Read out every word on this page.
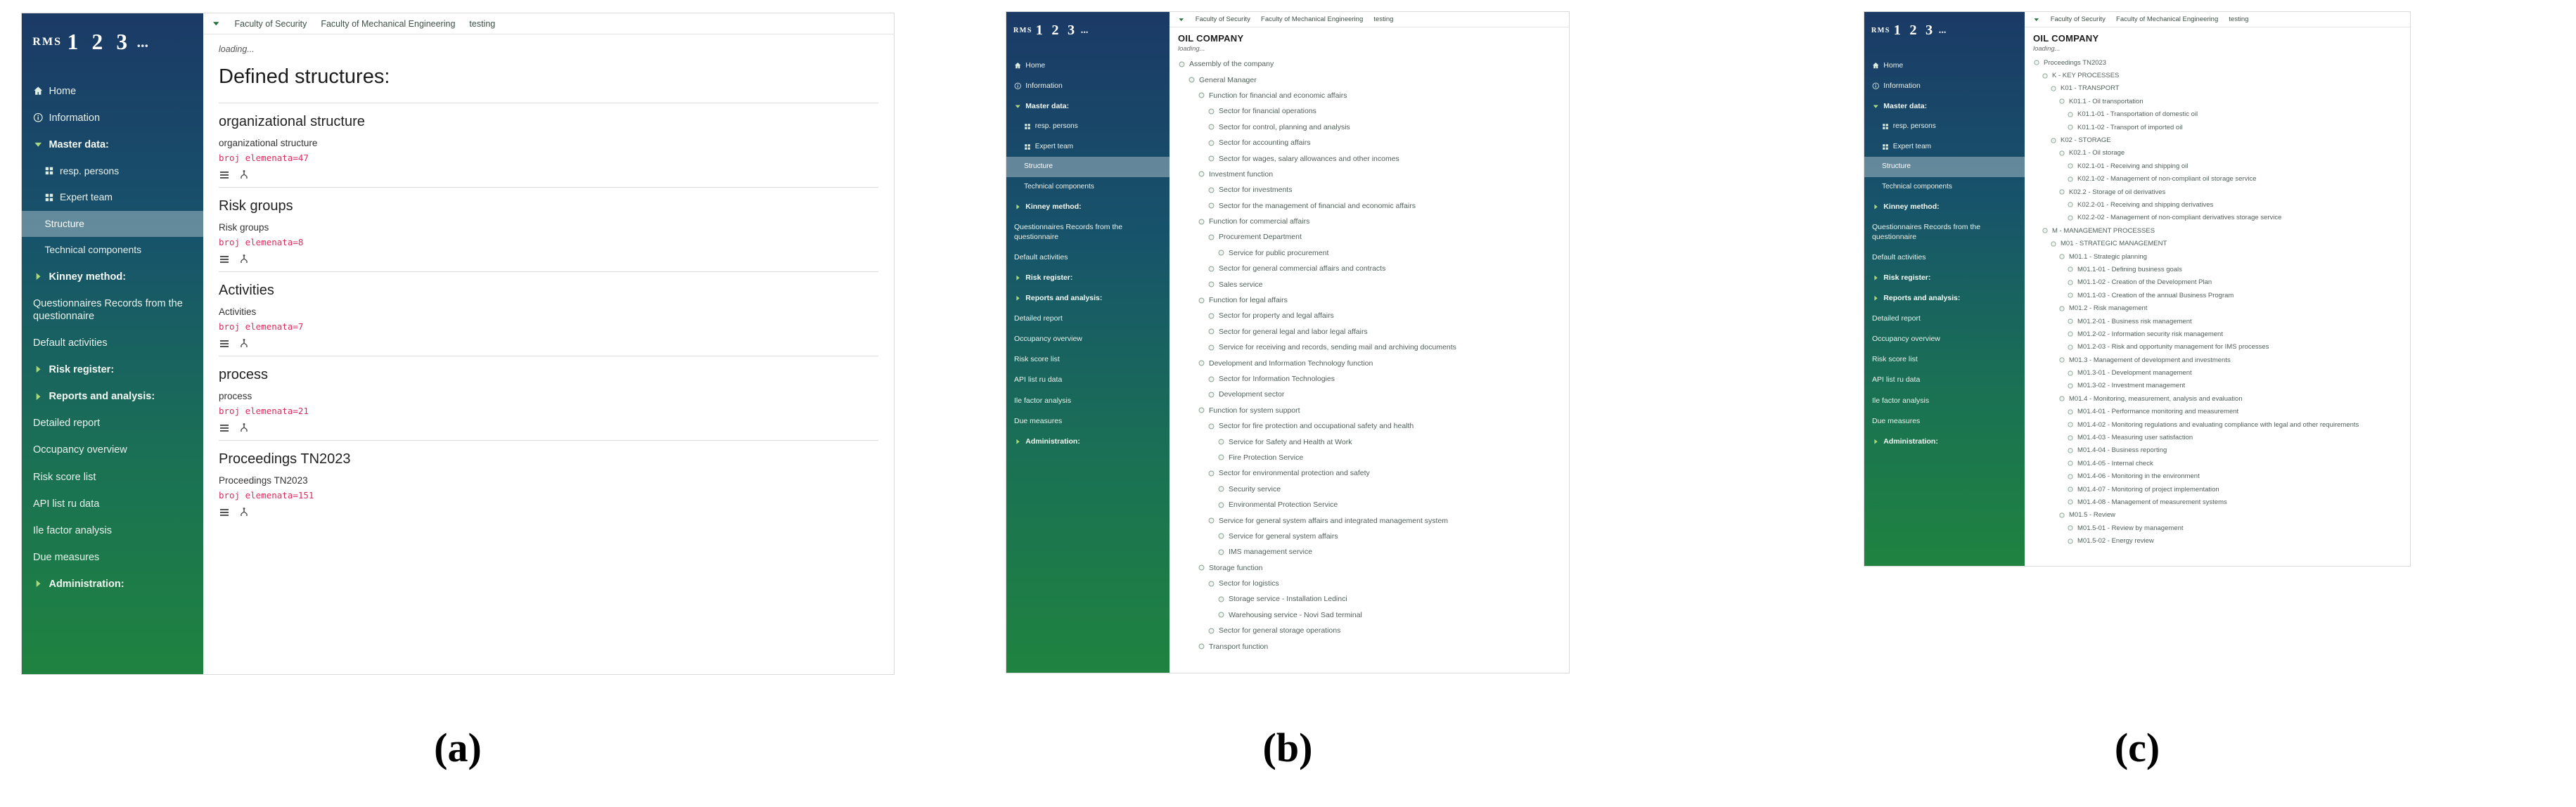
RMS 1 2 3 ...
Home
Information
Master data:
resp. persons
Expert team
Structure
Technical components
Kinney method:
Questionnaires Records from the questionnaire
Default activities
Risk register:
Reports and analysis:
Detailed report
Occupancy overview
Risk score list
API list ru data
Ile factor analysis
Due measures
Administration:
Faculty of Security Faculty of Mechanical Engineering testing
loading...
Defined structures:
organizational structure
organizational structure
broj elemenata=47
Risk groups
Risk groups
broj elemenata=8
Activities
Activities
broj elemenata=7
process
process
broj elemenata=21
Proceedings TN2023
Proceedings TN2023
broj elemenata=151
RMS 1 2 3 ...
Home
Information
Master data:
resp. persons
Expert team
Structure
Technical components
Kinney method:
Questionnaires Records from the questionnaire
Default activities
Risk register:
Reports and analysis:
Detailed report
Occupancy overview
Risk score list
API list ru data
Ile factor analysis
Due measures
Administration:
Faculty of Security Faculty of Mechanical Engineering testing
OIL COMPANY
loading...
Assembly of the company
General Manager
Function for financial and economic affairs
Sector for financial operations
Sector for control, planning and analysis
Sector for accounting affairs
Sector for wages, salary allowances and other incomes
Investment function
Sector for investments
Sector for the management of financial and economic affairs
Function for commercial affairs
Procurement Department
Service for public procurement
Sector for general commercial affairs and contracts
Sales service
Function for legal affairs
Sector for property and legal affairs
Sector for general legal and labor legal affairs
Service for receiving and records, sending mail and archiving documents
Development and Information Technology function
Sector for Information Technologies
Development sector
Function for system support
Sector for fire protection and occupational safety and health
Service for Safety and Health at Work
Fire Protection Service
Sector for environmental protection and safety
Security service
Environmental Protection Service
Service for general system affairs and integrated management system
Service for general system affairs
IMS management service
Storage function
Sector for logistics
Storage service - Installation Ledinci
Warehousing service - Novi Sad terminal
Sector for general storage operations
Transport function
RMS 1 2 3 ...
Home
Information
Master data:
resp. persons
Expert team
Structure
Technical components
Kinney method:
Questionnaires Records from the questionnaire
Default activities
Risk register:
Reports and analysis:
Detailed report
Occupancy overview
Risk score list
API list ru data
Ile factor analysis
Due measures
Administration:
Faculty of Security Faculty of Mechanical Engineering testing
OIL COMPANY
loading...
Proceedings TN2023
K - KEY PROCESSES
K01 - TRANSPORT
K01.1 - Oil transportation
K01.1-01 - Transportation of domestic oil
K01.1-02 - Transport of imported oil
K02 - STORAGE
K02.1 - Oil storage
K02.1-01 - Receiving and shipping oil
K02.1-02 - Management of non-compliant oil storage service
K02.2 - Storage of oil derivatives
K02.2-01 - Receiving and shipping derivatives
K02.2-02 - Management of non-compliant derivatives storage service
M - MANAGEMENT PROCESSES
M01 - STRATEGIC MANAGEMENT
M01.1 - Strategic planning
M01.1-01 - Defining business goals
M01.1-02 - Creation of the Development Plan
M01.1-03 - Creation of the annual Business Program
M01.2 - Risk management
M01.2-01 - Business risk management
M01.2-02 - Information security risk management
M01.2-03 - Risk and opportunity management for IMS processes
M01.3 - Management of development and investments
M01.3-01 - Development management
M01.3-02 - Investment management
M01.4 - Monitoring, measurement, analysis and evaluation
M01.4-01 - Performance monitoring and measurement
M01.4-02 - Monitoring regulations and evaluating compliance with legal and other requirements
M01.4-03 - Measuring user satisfaction
M01.4-04 - Business reporting
M01.4-05 - Internal check
M01.4-06 - Monitoring in the environment
M01.4-07 - Monitoring of project implementation
M01.4-08 - Management of measurement systems
M01.5 - Review
M01.5-01 - Review by management
M01.5-02 - Energy review
(a)	(b)	(c)
